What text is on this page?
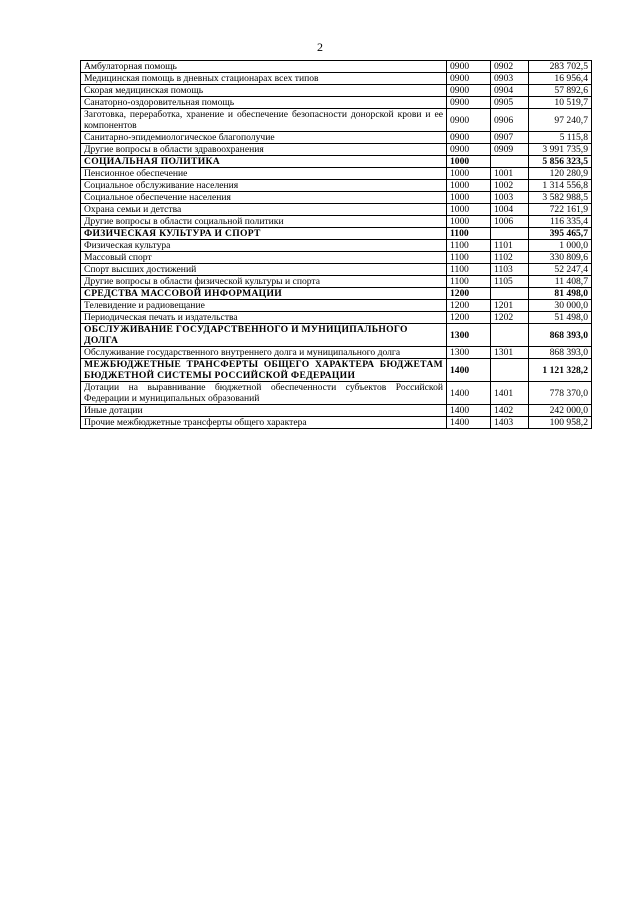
2
Амбулаторная помощь	0900	0902	283 702,5
Медицинская помощь в дневных стационарах всех типов	0900	0903	16 956,4
Скорая медицинская помощь	0900	0904	57 892,6
Санаторно-оздоровительная помощь	0900	0905	10 519,7
Заготовка, переработка, хранение и обеспечение безопасности донорской крови и ее компонентов	0900	0906	97 240,7
Санитарно-эпидемиологическое благополучие	0900	0907	5 115,8
Другие вопросы в области здравоохранения	0900	0909	3 991 735,9
СОЦИАЛЬНАЯ ПОЛИТИКА	1000		5 856 323,5
Пенсионное обеспечение	1000	1001	120 280,9
Социальное обслуживание населения	1000	1002	1 314 556,8
Социальное обеспечение населения	1000	1003	3 582 988,5
Охрана семьи и детства	1000	1004	722 161,9
Другие вопросы в области социальной политики	1000	1006	116 335,4
ФИЗИЧЕСКАЯ КУЛЬТУРА И СПОРТ	1100		395 465,7
Физическая культура	1100	1101	1 000,0
Массовый спорт	1100	1102	330 809,6
Спорт высших достижений	1100	1103	52 247,4
Другие вопросы в области физической культуры и спорта	1100	1105	11 408,7
СРЕДСТВА МАССОВОЙ ИНФОРМАЦИИ	1200		81 498,0
Телевидение и радиовещание	1200	1201	30 000,0
Периодическая печать и издательства	1200	1202	51 498,0
ОБСЛУЖИВАНИЕ ГОСУДАРСТВЕННОГО И МУНИЦИПАЛЬНОГО ДОЛГА	1300		868 393,0
Обслуживание государственного внутреннего долга и муниципального долга	1300	1301	868 393,0
МЕЖБЮДЖЕТНЫЕ ТРАНСФЕРТЫ ОБЩЕГО ХАРАКТЕРА БЮДЖЕТАМ БЮДЖЕТНОЙ СИСТЕМЫ РОССИЙСКОЙ ФЕДЕРАЦИИ	1400		1 121 328,2
Дотации на выравнивание бюджетной обеспеченности субъектов Российской Федерации и муниципальных образований	1400	1401	778 370,0
Иные дотации	1400	1402	242 000,0
Прочие межбюджетные трансферты общего характера	1400	1403	100 958,2
